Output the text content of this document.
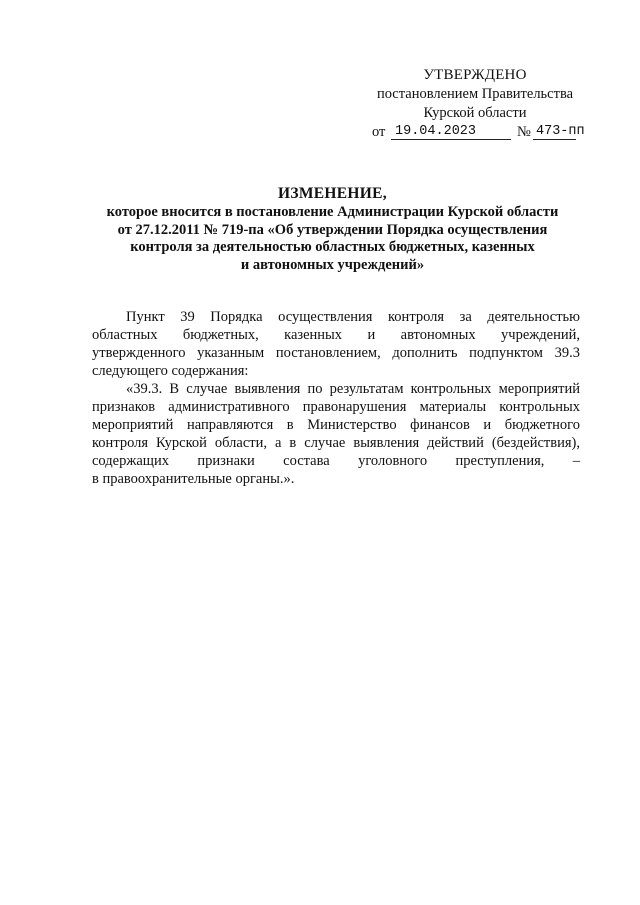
УТВЕРЖДЕНО
постановлением Правительства
Курской области
от 19.04.2023	№ 473-пп
ИЗМЕНЕНИЕ,
которое вносится в постановление Администрации Курской области
от 27.12.2011 № 719-па «Об утверждении Порядка осуществления
контроля за деятельностью областных бюджетных, казенных
и автономных учреждений»
Пункт 39 Порядка осуществления контроля за деятельностью
областных бюджетных, казенных и автономных учреждений,
утвержденного указанным постановлением, дополнить подпунктом 39.3
следующего содержания:
«39.3. В случае выявления по результатам контрольных мероприятий
признаков административного правонарушения материалы контрольных
мероприятий направляются в Министерство финансов и бюджетного
контроля Курской области, а в случае выявления действий (бездействия),
содержащих признаки состава уголовного преступления, –
в правоохранительные органы.».
